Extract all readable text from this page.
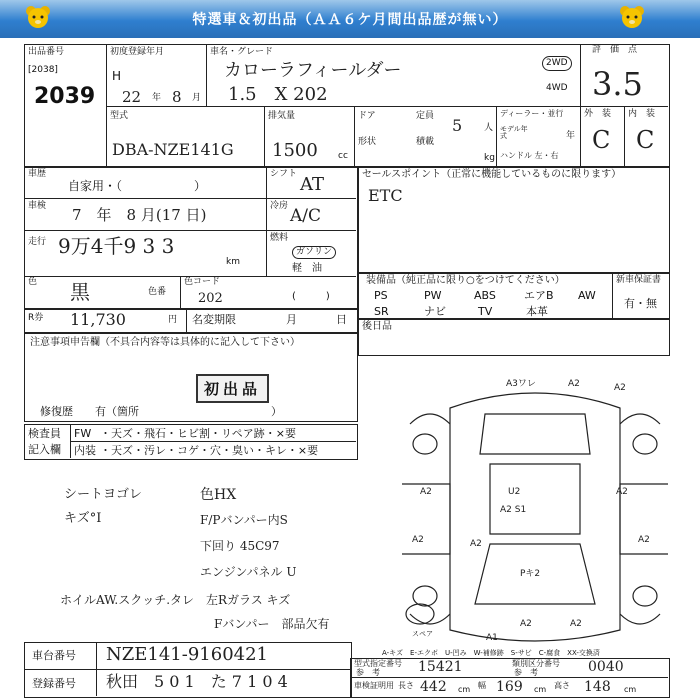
特選車＆初出品（ＡＡ６ケ月間出品歴が無い）
出品番号
[2038]
2039
初度登録年月
H
22 年 8 月
車名・グレード
カローラフィールダー
1.5　X 202
2WD
4WD
評　価　点
3.5
型式
DBA-NZE141G
排気量
1500 cc
ドア
形状
定員 5 人
積載
kg
ディーラー・並行
モデル年式	年
ハンドル 左・右
外　装 内　装
C C
車歴
自家用・（　　　　　　）
シフト AT
車検 7　年　8 月(17 日)	冷房 A/C
走行 9万4千9 3 3
km
燃料
ガソリン
軽　油
色 黒	色番
色コード
202	(　　　)
R券 11,730	円 名変期限	月	日
注意事項申告欄（不具合内容等は具体的に記入して下さい）
初出品
修復歴　　有（箇所　　　　　　　　　　　　）
検査員
記入欄
FW ・天ズ・飛石・ヒビ割・リペア跡・×要
内装 ・天ズ・汚レ・コゲ・穴・臭い・キレ・×要
シートヨゴレ
キズ°Ⅰ
色HX
F/Pバンパー内S
下回り 45C97
エンジンパネル U
ホイルAW.スクッチ.タレ　左Rガラス キズ
Fバンパー　部品欠有
セールスポイント（正常に機能しているものに限ります）
ETC
装備品（純正品に限り○をつけてください）	新車保証書
有・無
PS	PW	ABS	エアB AW
SR	ナビ	TV	本革
後日品
A3ワレ	A2	A2
A2	U2	A2
A2 S1
A2	A2	A2
A2	A2
Pキ2
A1
スペア
A-キズ　E-エクボ　U-凹み　W-補修跡　S-サビ　C-腐食　XX-交換済
車台番号 NZE141-9160421
登録番号 秋田　5 0 1　た 7 1 0 4
型式指定番号
参　考	15421	類別区分番号
参　考	0040
車検証明用 長さ 442 cm 幅 169 cm 高さ 148 cm
